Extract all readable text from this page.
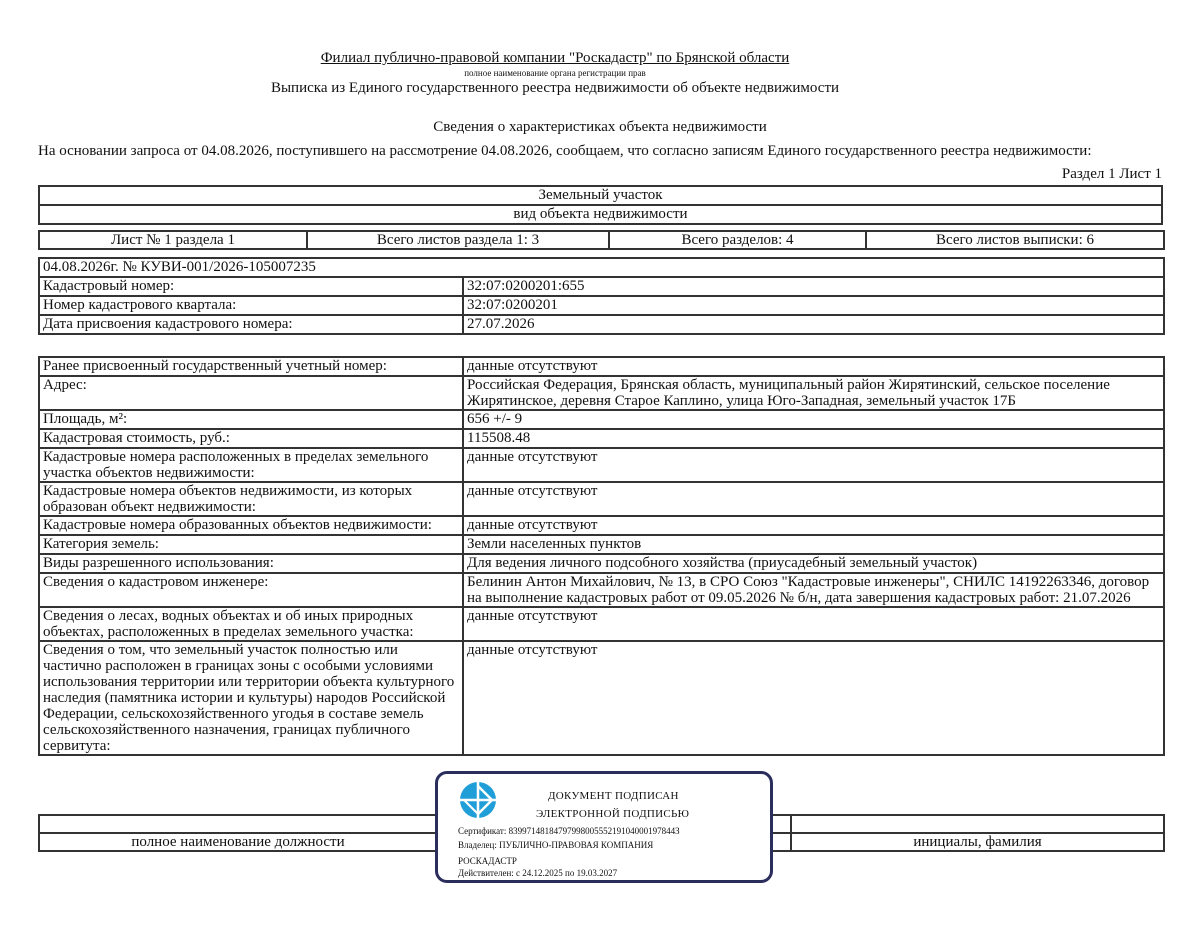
Филиал публично-правовой компании "Роскадастр" по Брянской области
полное наименование органа регистрации прав
Выписка из Единого государственного реестра недвижимости об объекте недвижимости
Сведения о характеристиках объекта недвижимости
На основании запроса от 04.08.2026, поступившего на рассмотрение 04.08.2026, сообщаем, что согласно записям Единого государственного реестра недвижимости:
Раздел 1 Лист 1
Земельный участок
вид объекта недвижимости
Лист № 1 раздела 1	Всего листов раздела 1: 3	Всего разделов: 4	Всего листов выписки: 6
04.08.2026г. № КУВИ-001/2026-105007235	
Кадастровый номер:	32:07:0200201:655
Номер кадастрового квартала:	32:07:0200201
Дата присвоения кадастрового номера:	27.07.2026
Ранее присвоенный государственный учетный номер:	данные отсутствуют
Адрес:	Российская Федерация, Брянская область, муниципальный район Жирятинский, сельское поселение Жирятинское, деревня Старое Каплино, улица Юго-Западная, земельный участок 17Б
Площадь, м²:	656 +/- 9
Кадастровая стоимость, руб.:	115508.48
Кадастровые номера расположенных в пределах земельного участка объектов недвижимости:	данные отсутствуют
Кадастровые номера объектов недвижимости, из которых образован объект недвижимости:	данные отсутствуют
Кадастровые номера образованных объектов недвижимости:	данные отсутствуют
Категория земель:	Земли населенных пунктов
Виды разрешенного использования:	Для ведения личного подсобного хозяйства (приусадебный земельный участок)
Сведения о кадастровом инженере:	Белинин Антон Михайлович, № 13, в СРО Союз "Кадастровые инженеры", СНИЛС 14192263346, договор на выполнение кадастровых работ от 09.05.2026 № б/н, дата завершения кадастровых работ: 21.07.2026
Сведения о лесах, водных объектах и об иных природных объектах, расположенных в пределах земельного участка:	данные отсутствуют
Сведения о том, что земельный участок полностью или частично расположен в границах зоны с особыми условиями использования территории или территории объекта культурного наследия (памятника истории и культуры) народов Российской Федерации, сельскохозяйственного угодья в составе земель сельскохозяйственного назначения, границах публичного сервитута:	данные отсутствуют

полное наименование должности		инициалы, фамилия
ДОКУМЕНТ ПОДПИСАН
ЭЛЕКТРОННОЙ ПОДПИСЬЮ
Сертификат: 8399714818479799800555219104000197844З
Владелец: ПУБЛИЧНО-ПРАВОВАЯ КОМПАНИЯ
РОСКАДАСТР
Действителен: с 24.12.2025 по 19.03.2027
